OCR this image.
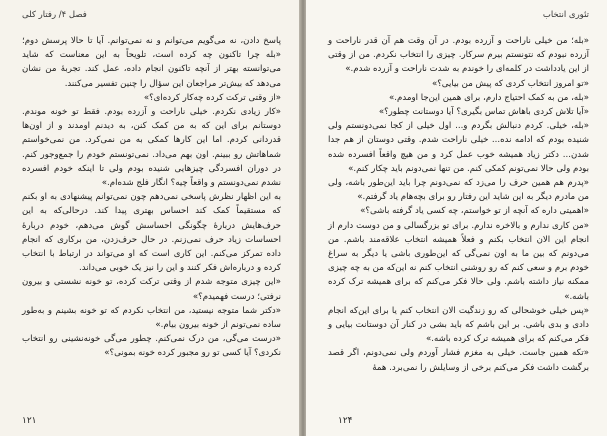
فصل ۴/ رفتار کلی

پاسخ دادن، نه می‌گویم می‌توانم و نه نمی‌توانم. آیا تا حالا پرسش دوم؛ «بله چرا تاکنون چه کرده است، تلویحاً به این معناست که شاید می‌توانسته بهتر از آنچه تاکنون انجام داده، عمل کند. تجربهٔ من نشان می‌دهد که بیش‌تر مراجعان این سؤال را چنین تفسیر می‌کنند.

«از وقتی ترکت کرده چه‌کار کرده‌ای؟»

«کار زیادی نکردم. خیلی ناراحت و آزرده بودم. فقط تو خونه موندم. دوستانم برای این که به من کمک کنن، به دیدنم اومدند و از اون‌ها قدردانی کردم. اما این کارها کمکی به من نمی‌کرد. من نمی‌خواستم شماهاتش رو ببینم. اون بهم می‌داد. نمی‌تونستم خودم را جمع‌وجور کنم. در دوران افسردگی چیزهایی شنیده بودم ولی تا اینکه خودم افسرده نشدم نمی‌دونستم و واقعاً چیه؟ انگار فلج شده‌ام.»

به این اظهار نظرش پاسخی نمی‌دهم چون نمی‌توانم پیشنهادی به او بکنم که مستقیماً کمک کند احساس بهتری پیدا کند. درحالی‌که به این حرف‌هایش دربارهٔ چگونگی احساسش گوش می‌دهم، خودم دربارهٔ احساسات زیاد حرف نمی‌زنم. در حال حرف‌زدن، من برکاری که انجام داده تمرکز می‌کنم. این کاری است که او می‌تواند در ارتباط با انتخاب کرده و درباره‌اش فکر کنند و این را نیز یک خوبی می‌داند.

«این چیزی متوجه شدم از وقتی ترکت کرده، تو خونه نشستی و بیرون نرفتی؛ درست فهمیدم؟»

«دکتر شما متوجه نیستید، من انتخاب نکردم که تو خونه بشینم و به‌طور ساده نمی‌تونم از خونه بیرون بیام.»

«درست می‌گی، من درک نمی‌کنم. چطور می‌گی خونه‌نشینی رو انتخاب نکردی؟ آیا کسی تو رو مجبور کرده خونه بمونی؟»

۱۲۱
تئوری انتخاب

«بله؛ من خیلی ناراحت و آزرده بودم. در آن وقت هم آن قدر ناراحت و آزرده نبودم که نتونستم بیرم سرکار. چیزی را انتخاب نکردم. من از وقتی از این یادداشت در کلمه‌ای را خوندم به شدت ناراحت و آزرده شدم.»

«تو امروز انتخاب کردی که پیش من بیایی؟»

«بله، من به کمک احتیاج دارم، برای همین این‌جا اومدم.»

«آیا تلاش کردی باهاش تماس بگیری؟ آیا دوستانت چطور؟»

«بله، خیلی. کردم دنبالش بگردم و... اول خیلی از کجا نمی‌دونستم ولی شنیده بودم که ادامه نده... خیلی ناراحت شدم. وقتی دوستان از هم جدا شدن... دکتر زیاد همیشه خوب عمل کرد و من هیچ واقعاً افسرده شده بودم ولی حالا نمی‌تونم کمکی کنم. من تنها نمی‌دونم باید چکار کنم.»

«پدرم هم همین حرف را می‌زد که نمی‌دونم چرا باید این‌طور باشه، ولی من مادرم دیگر به این شاید این رفتار رو برای بچه‌هام یاد گرفتم.»

«اهمیتی داره که آنچه از تو خواستم، چه کسی یاد گرفته باشی؟»

«من کاری ندارم و بالاخره ندارم. برای تو بزرگسالی و من دوست دارم از انجام این الان انتخاب بکنم و فعلاً همیشه انتخاب علاقه‌مند باشم. من می‌دونم که بین ما به اون نمی‌گی که این‌طوری باشی یا دیگر به سراغ خودم برم و سعی کنم که رو روشنی انتخاب کنم نه این‌که من به چه چیزی ممکنه نیاز داشته باشم. ولی حالا فکر می‌کنم که برای همیشه ترک کرده باشه.»

«پس خیلی خوشحالی که رو زندگیت الان انتخاب کنم یا برای این‌که انجام دادی و بدی باشی. بر این باشم که باید بشی در کنار آن دوستانت بیایی و فکر می‌کنم که برای همیشه ترک کرده باشه.»

«تکه همین جاست. خیلی به مغزم فشار آوردم ولی نمی‌دونم، اگر قصد برگشت داشت فکر می‌کنم برخی از وسایلش را نمی‌برد. همهٔ

۱۲۴
